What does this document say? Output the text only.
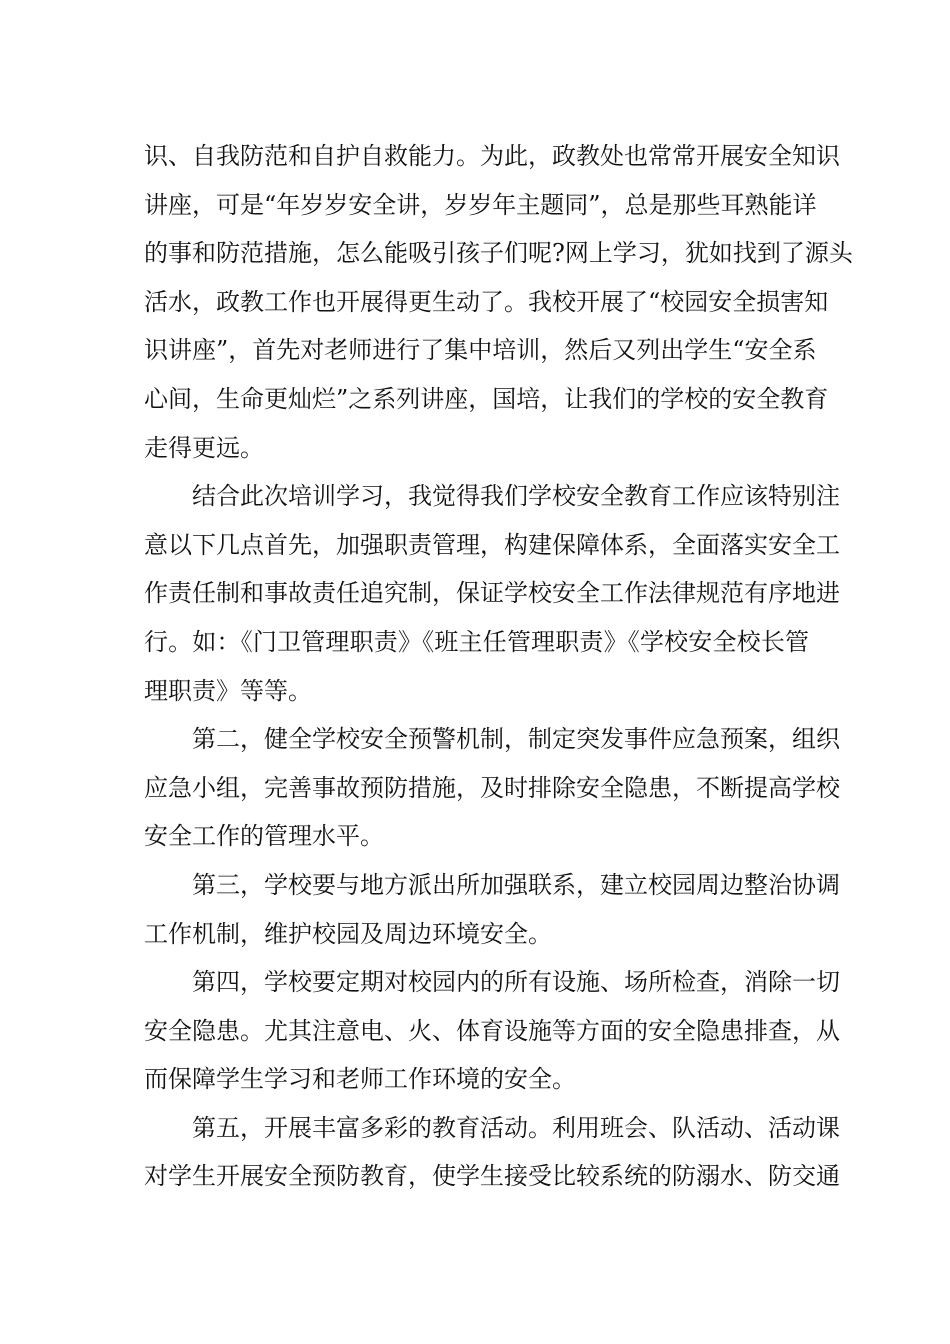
识、自我防范和自护自救能力。为此，政教处也常常开展安全知识
讲座，可是“年岁岁安全讲，岁岁年主题同”，总是那些耳熟能详
的事和防范措施，怎么能吸引孩子们呢?网上学习，犹如找到了源头
活水，政教工作也开展得更生动了。我校开展了“校园安全损害知
识讲座”，首先对老师进行了集中培训，然后又列出学生“安全系
心间，生命更灿烂”之系列讲座，国培，让我们的学校的安全教育
走得更远。
结合此次培训学习，我觉得我们学校安全教育工作应该特别注
意以下几点首先，加强职责管理，构建保障体系，全面落实安全工
作责任制和事故责任追究制，保证学校安全工作法律规范有序地进
行。如：《门卫管理职责》《班主任管理职责》《学校安全校长管
理职责》等等。
第二，健全学校安全预警机制，制定突发事件应急预案，组织
应急小组，完善事故预防措施，及时排除安全隐患，不断提高学校
安全工作的管理水平。
第三，学校要与地方派出所加强联系，建立校园周边整治协调
工作机制，维护校园及周边环境安全。
第四，学校要定期对校园内的所有设施、场所检查，消除一切
安全隐患。尤其注意电、火、体育设施等方面的安全隐患排查，从
而保障学生学习和老师工作环境的安全。
第五，开展丰富多彩的教育活动。利用班会、队活动、活动课
对学生开展安全预防教育，使学生接受比较系统的防溺水、防交通
